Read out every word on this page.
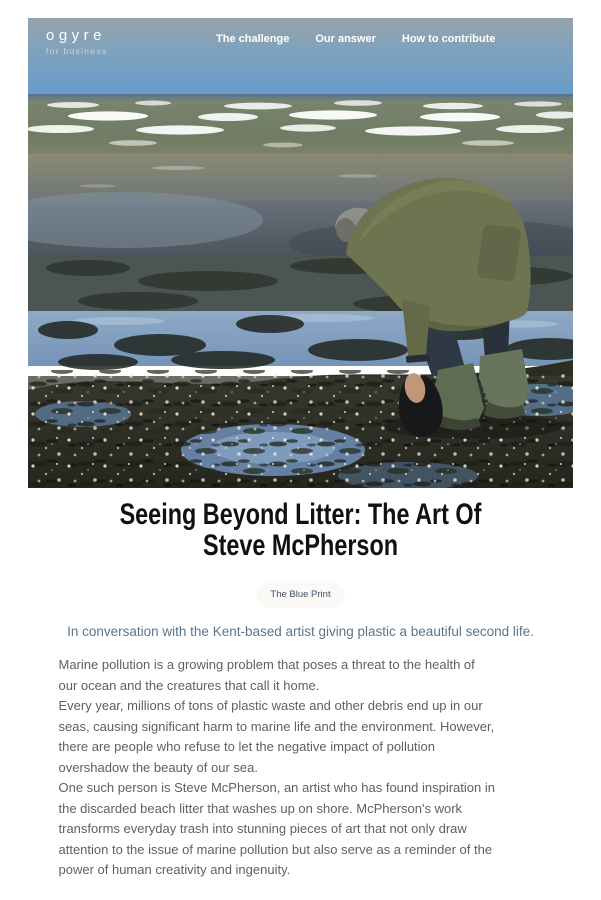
ogyre
for business
The challenge Our answer How to contribute
Seeing Beyond Litter: The Art Of
Steve McPherson
The Blue Print
In conversation with the Kent-based artist giving plastic a beautiful second life.
Marine pollution is a growing problem that poses a threat to the health of
our ocean and the creatures that call it home.
Every year, millions of tons of plastic waste and other debris end up in our
seas, causing significant harm to marine life and the environment. However,
there are people who refuse to let the negative impact of pollution
overshadow the beauty of our sea.
One such person is Steve McPherson, an artist who has found inspiration in
the discarded beach litter that washes up on shore. McPherson's work
transforms everyday trash into stunning pieces of art that not only draw
attention to the issue of marine pollution but also serve as a reminder of the
power of human creativity and ingenuity.
